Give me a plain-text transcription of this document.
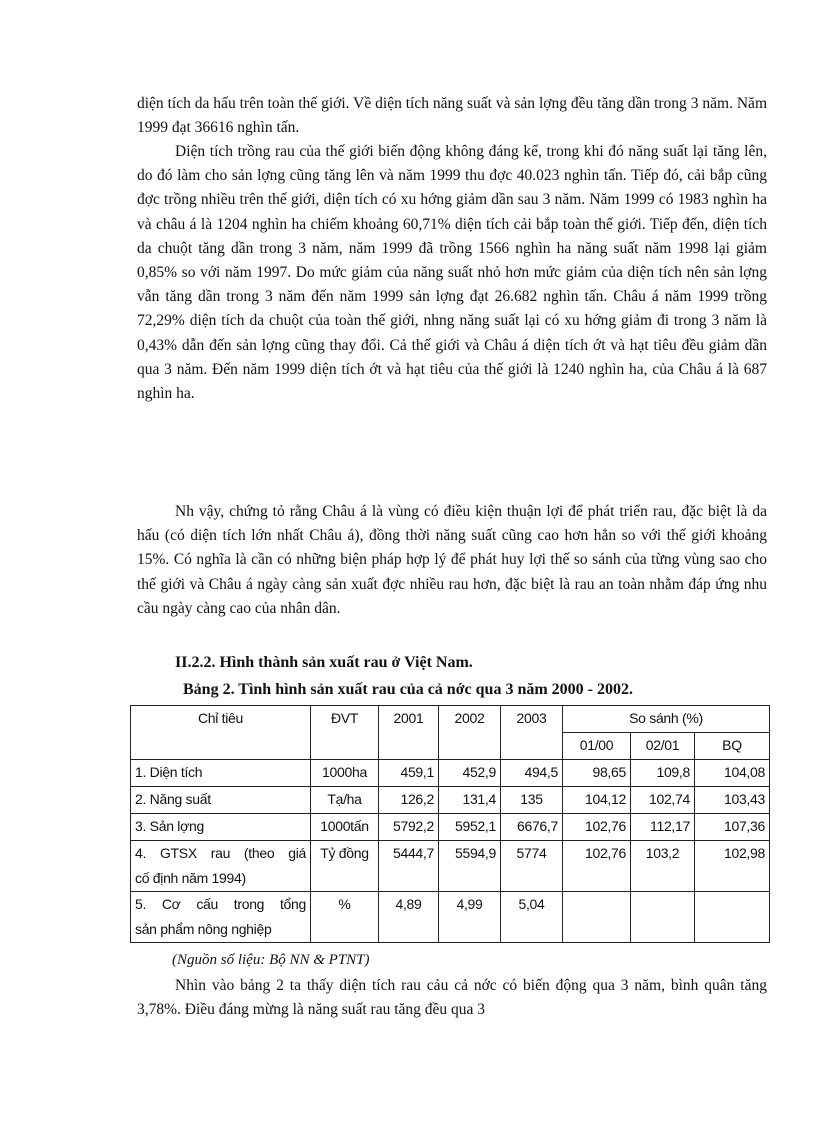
diện tích da hấu trên toàn thế giới. Về diện tích năng suất và sản lợng đều tăng dần trong 3 năm. Năm 1999 đạt 36616 nghìn tấn.

Diện tích trồng rau của thế giới biến động không đáng kể, trong khi đó năng suất lại tăng lên, do đó làm cho sản lợng cũng tăng lên và năm 1999 thu đợc 40.023 nghìn tấn. Tiếp đó, cải bắp cũng đợc trồng nhiều trên thế giới, diện tích có xu hớng giảm dần sau 3 năm. Năm 1999 có 1983 nghìn ha và châu á là 1204 nghìn ha chiếm khoảng 60,71% diện tích cải bắp toàn thế giới. Tiếp đến, diện tích da chuột tăng dần trong 3 năm, năm 1999 đã trồng 1566 nghìn ha năng suất năm 1998 lại giảm 0,85% so với năm 1997. Do mức giảm của năng suất nhỏ hơn mức giảm của diện tích nên sản lợng vẫn tăng dần trong 3 năm đến năm 1999 sản lợng đạt 26.682 nghìn tấn. Châu á năm 1999 trồng 72,29% diện tích da chuột của toàn thế giới, nhng năng suất lại có xu hớng giảm đi trong 3 năm là 0,43% dẫn đến sản lợng cũng thay đổi. Cả thế giới và Châu á diện tích ớt và hạt tiêu đều giảm dần qua 3 năm. Đến năm 1999 diện tích ớt và hạt tiêu của thế giới là 1240 nghìn ha, của Châu á là 687 nghìn ha.

Nh vậy, chứng tỏ rằng Châu á là vùng có điều kiện thuận lợi để phát triển rau, đặc biệt là da hấu (có diện tích lớn nhất Châu á), đồng thời năng suất cũng cao hơn hẳn so với thế giới khoảng 15%. Có nghĩa là cần có những biện pháp hợp lý để phát huy lợi thế so sánh của từng vùng sao cho thế giới và Châu á ngày càng sản xuất đợc nhiều rau hơn, đặc biệt là rau an toàn nhằm đáp ứng nhu cầu ngày càng cao của nhân dân.

II.2.2. Hình thành sản xuất rau ở Việt Nam.

Bảng 2. Tình hình sản xuất rau của cả nớc qua 3 năm 2000 - 2002.

Chỉ tiêu	ĐVT	2001	2002	2003	So sánh (%)		
					01/00	02/01	BQ
1. Diện tích	1000ha	459,1	452,9	494,5	98,65	109,8	104,08
2. Năng suất	Tạ/ha	126,2	131,4	135	104,12	102,74	103,43
3. Sản lợng	1000tấn	5792,2	5952,1	6676,7	102,76	112,17	107,36

4. GTSX rau (theo giá
cố định năm 1994)	Tỷ đồng	5444,7	5594,9	5774	102,76	103,2	102,98

5. Cơ cấu trong tổng
sản phẩm nông nghiệp	%	4,89	4,99	5,04			

(Nguồn số liệu: Bộ NN & PTNT)

Nhìn vào bảng 2 ta thấy diện tích rau cảu cả nớc có biến động qua 3 năm, bình quân tăng 3,78%. Điều đáng mừng là năng suất rau tăng đều qua 3
